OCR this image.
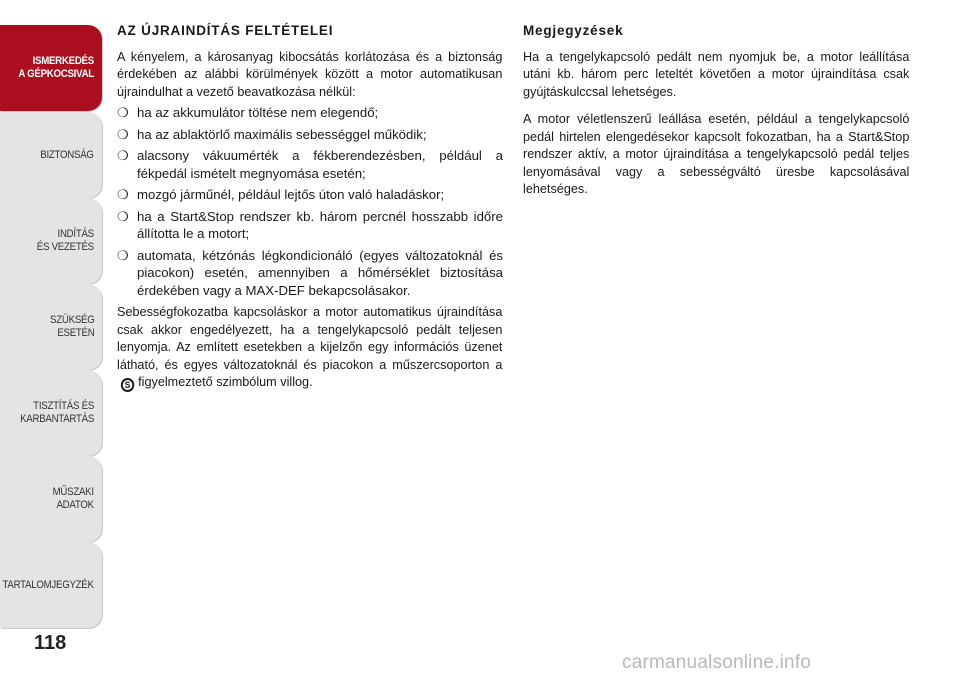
ISMERKEDÉS
A GÉPKOCSIVAL
BIZTONSÁG
INDÍTÁS
ÉS VEZETÉS
SZÜKSÉG
ESETÉN
TISZTÍTÁS ÉS
KARBANTARTÁS
MŰSZAKI
ADATOK
TARTALOMJEGYZÉK
118
AZ ÚJRAINDÍTÁS FELTÉTELEI
A kényelem, a károsanyag kibocsátás korlátozása és a biztonság érdekében az alábbi körülmények között a motor automatikusan újraindulhat a vezető beavatkozása nélkül:
❍ ha az akkumulátor töltése nem elegendő;
❍ ha az ablaktörlő maximális sebességgel működik;
❍ alacsony vákuumérték a fékberendezésben, például a fékpedál ismételt megnyomása esetén;
❍ mozgó járműnél, például lejtős úton való haladáskor;
❍ ha a Start&Stop rendszer kb. három percnél hosszabb időre állította le a motort;
❍ automata, kétzónás légkondicionáló (egyes változatoknál és piacokon) esetén, amennyiben a hőmérséklet biztosítása érdekében vagy a MAX-DEF bekapcsolásakor.
Sebességfokozatba kapcsoláskor a motor automatikus újraindítása csak akkor engedélyezett, ha a tengelykapcsoló pedált teljesen lenyomja. Az említett esetekben a kijelzőn egy információs üzenet látható, és egyes változatoknál és piacokon a műszercsoporton aS figyelmeztető szimbólum villog.
Megjegyzések
Ha a tengelykapcsoló pedált nem nyomjuk be, a motor leállítása utáni kb. három perc leteltét követően a motor újraindítása csak gyújtáskulccsal lehetséges.
A motor véletlenszerű leállása esetén, például a tengelykapcsoló pedál hirtelen elengedésekor kapcsolt fokozatban, ha a Start&Stop rendszer aktív, a motor újraindítása a tengelykapcsoló pedál teljes lenyomásával vagy a sebességváltó üresbe kapcsolásával lehetséges.
carmanualsonline.info
